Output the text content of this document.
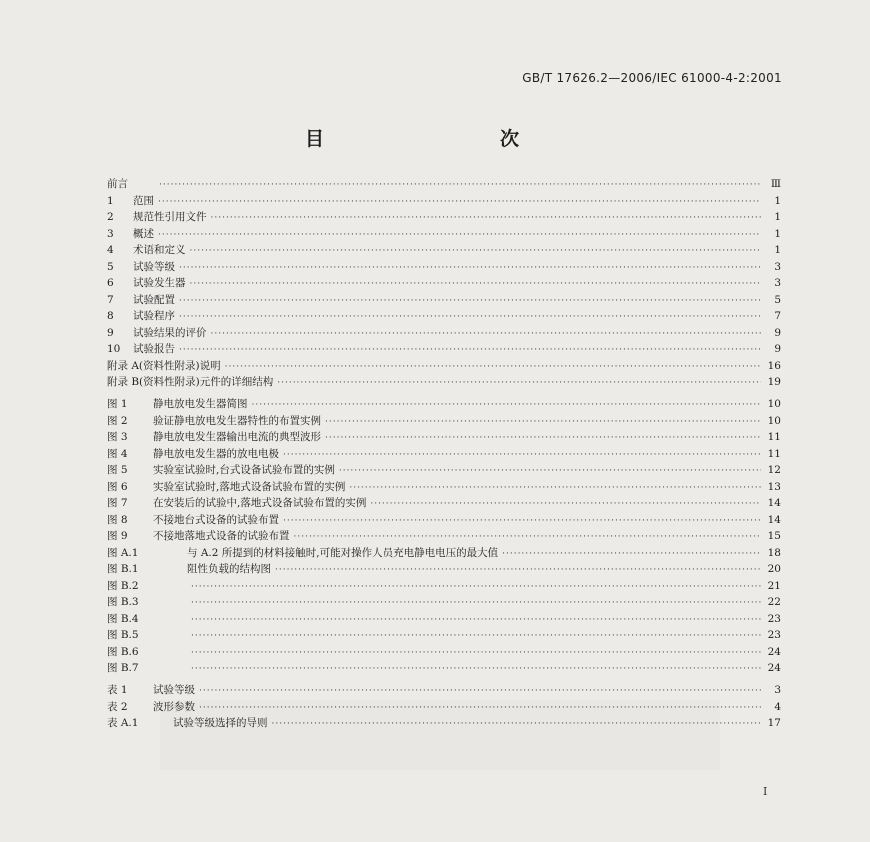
GB/T 17626.2—2006/IEC 61000-4-2:2001
目　　次
前言 ·····	Ⅲ
1 范围 ·····	1
2 规范性引用文件 ·····	1
3 概述 ·····	1
4 术语和定义 ·····	1
5 试验等级 ·····	3
6 试验发生器 ·····	3
7 试验配置 ·····	5
8 试验程序 ·····	7
9 试验结果的评价 ·····	9
10 试验报告 ·····	9
附录 A(资料性附录)说明 ·····	16
附录 B(资料性附录)元件的详细结构 ·····	19
图 1 静电放电发生器简图 ·····	10
图 2 验证静电放电发生器特性的布置实例 ·····	10
图 3 静电放电发生器输出电流的典型波形 ·····	11
图 4 静电放电发生器的放电电极 ·····	11
图 5 实验室试验时,台式设备试验布置的实例 ·····	12
图 6 实验室试验时,落地式设备试验布置的实例 ·····	13
图 7 在安装后的试验中,落地式设备试验布置的实例 ·····	14
图 8 不接地台式设备的试验布置 ·····	14
图 9 不接地落地式设备的试验布置 ·····	15
图 A.1	与 A.2 所提到的材料接触时,可能对操作人员充电静电电压的最大值 ·····	18
图 B.1	阻性负载的结构图 ·····	20
图 B.2 ·····	21
图 B.3 ·····	22
图 B.4 ·····	23
图 B.5 ·····	23
图 B.6 ·····	24
图 B.7 ·····	24
表 1 试验等级 ·····	3
表 2 波形参数 ·····	4
表 A.1	试验等级选择的导则 ·····	17
I
